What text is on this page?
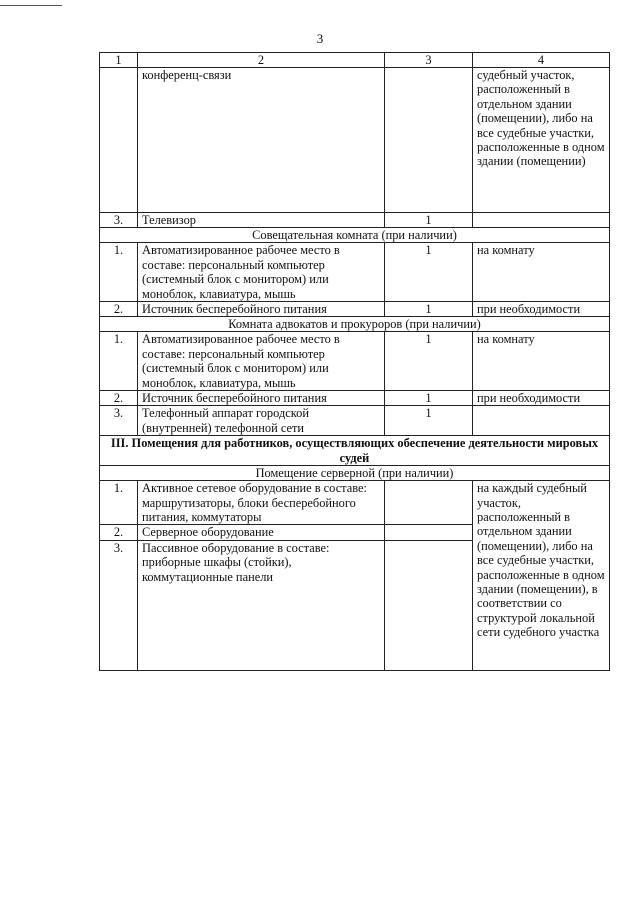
3
1	2	3	4
	конференц-связи		судебный участок, расположенный в отдельном здании (помещении), либо на все судебные участки, расположенные в одном здании (помещении)
3.	Телевизор	1	
Совещательная комната (при наличии)			
1.	Автоматизированное рабочее место в составе: персональный компьютер (системный блок с монитором) или моноблок, клавиатура, мышь	1	на комнату
2.	Источник бесперебойного питания	1	при необходимости
Комната адвокатов и прокуроров (при наличии)			
1.	Автоматизированное рабочее место в составе: персональный компьютер (системный блок с монитором) или моноблок, клавиатура, мышь	1	на комнату
2.	Источник бесперебойного питания	1	при необходимости
3.	Телефонный аппарат городской (внутренней) телефонной сети	1	
III. Помещения для работников, осуществляющих обеспечение деятельности мировых судей			
Помещение серверной (при наличии)			
1.	Активное сетевое оборудование в составе: маршрутизаторы, блоки бесперебойного питания, коммутаторы		на каждый судебный участок, расположенный в отдельном здании (помещении), либо на все судебные участки, расположенные в одном здании (помещении), в соответствии со структурой локальной сети судебного участка
2.	Серверное оборудование		
3.	Пассивное оборудование в составе: приборные шкафы (стойки), коммутационные панели		
